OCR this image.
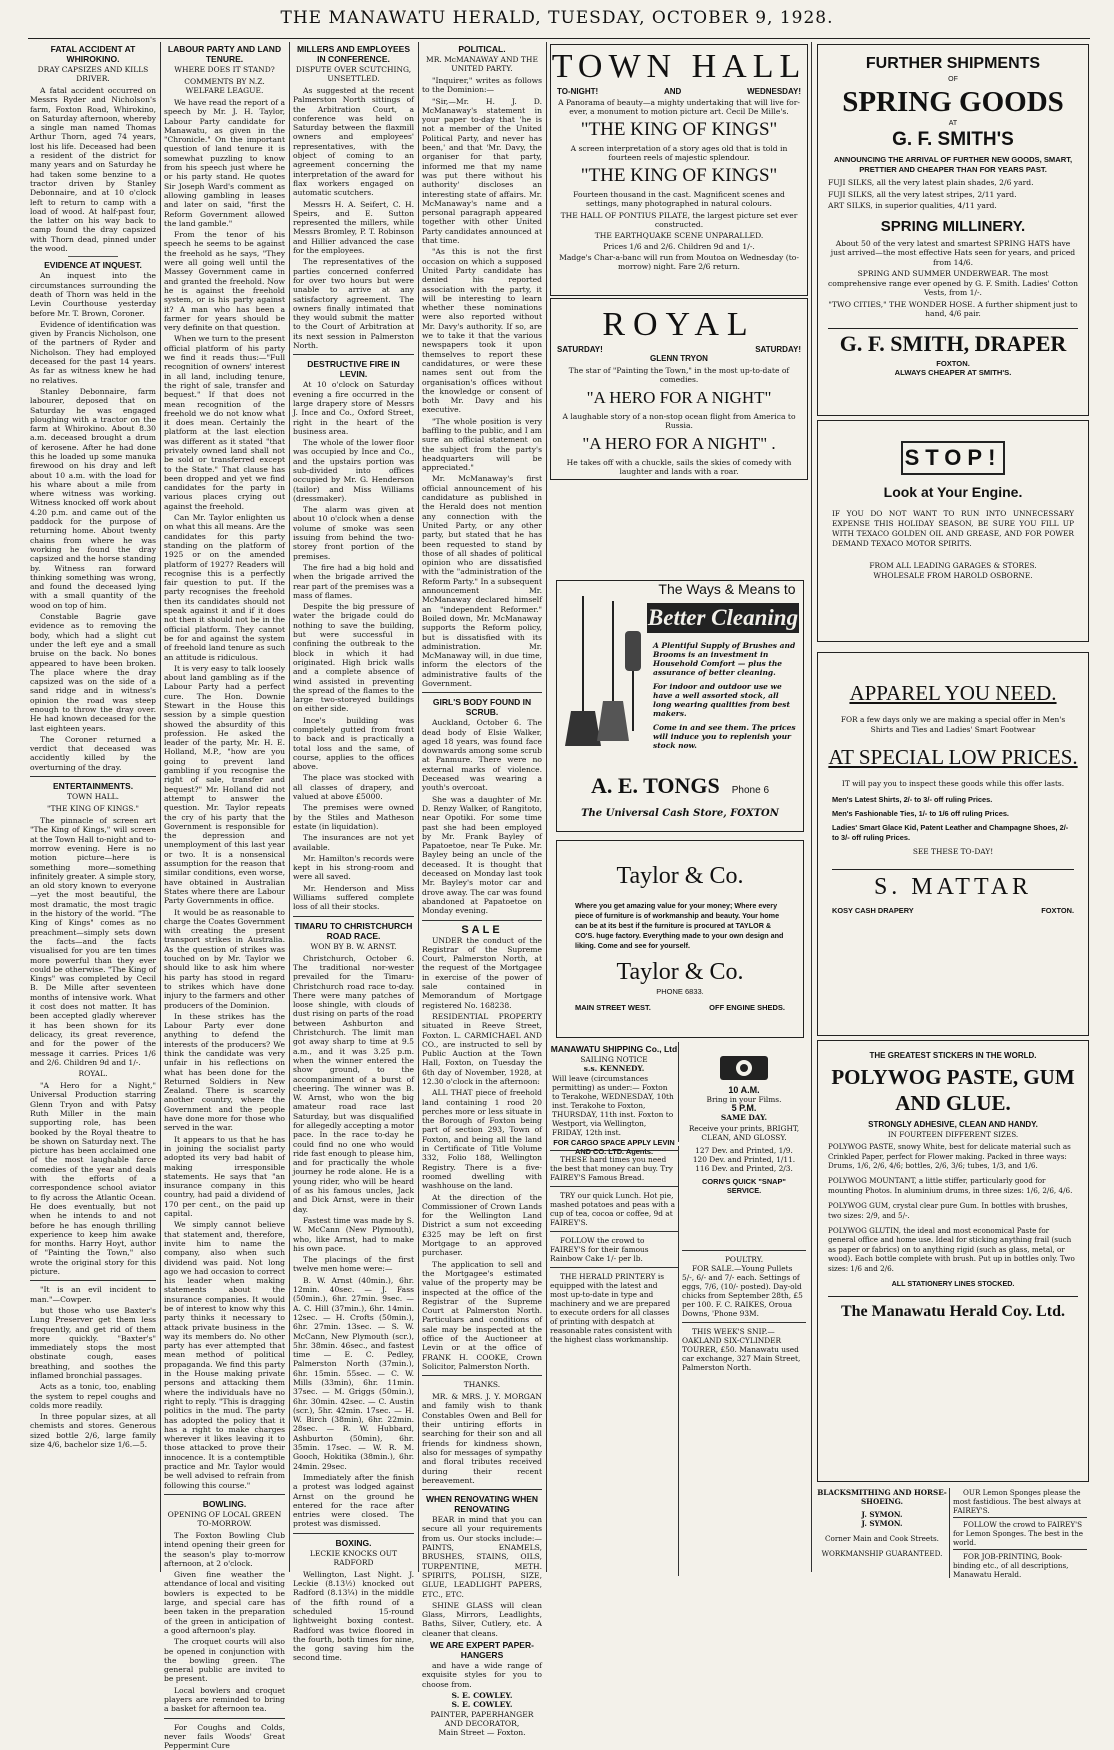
THE MANAWATU HERALD, TUESDAY, OCTOBER 9, 1928.
FATAL ACCIDENT AT WHIROKINO.
DRAY CAPSIZES AND KILLS DRIVER.

A fatal accident occurred on Messrs Ryder and Nicholson's farm, Foxton Road, Whirokino, on Saturday afternoon, whereby a single man named Thomas Arthur Thorn, aged 74 years, lost his life. Deceased had been a resident of the district for many years and on Saturday he had taken some benzine to a tractor driven by Stanley Debonnaire, and at 10 o'clock left to return to camp with a load of wood. At half-past four, the latter on his way back to camp found the dray capsized with Thorn dead, pinned under the wood.

EVIDENCE AT INQUEST.

An inquest into the circumstances surrounding the death of Thorn was held in the Levin Courthouse yesterday before Mr. T. Brown, Coroner.

Evidence of identification was given by Francis Nicholson, one of the partners of Ryder and Nicholson. They had employed deceased for the past 14 years. As far as witness knew he had no relatives.

Stanley Debonnaire, farm labourer, deposed that on Saturday he was engaged ploughing with a tractor on the farm at Whirokino. About 8.30 a.m. deceased brought a drum of kerosene. After he had done this he loaded up some manuka firewood on his dray and left about 10 a.m. with the load for his whare about a mile from where witness was working. Witness knocked off work about 4.20 p.m. and came out of the paddock for the purpose of returning home. About twenty chains from where he was working he found the dray capsized and the horse standing by. Witness ran forward thinking something was wrong, and found the deceased lying with a small quantity of the wood on top of him.

Constable Bagrie gave evidence as to removing the body, which had a slight cut under the left eye and a small bruise on the back. No bones appeared to have been broken. The place where the dray capsized was on the side of a sand ridge and in witness's opinion the road was steep enough to throw the dray over. He had known deceased for the last eighteen years.

The Coroner returned a verdict that deceased was accidently killed by the overturning of the dray.

ENTERTAINMENTS.
TOWN HALL.
"THE KING OF KINGS."

The pinnacle of screen art "The King of Kings," will screen at the Town Hall to-night and to-morrow evening. Here is no motion picture—here is something more—something infinitely greater. A simple story, an old story known to everyone—yet the most beautiful, the most dramatic, the most tragic in the history of the world. "The King of Kings" comes as no preachment—simply sets down the facts—and the facts visualised for you are ten times more powerful than they ever could be otherwise. "The King of Kings" was completed by Cecil B. De Mille after seventeen months of intensive work. What it cost does not matter. It has been accepted gladly wherever it has been shown for its delicacy, its great reverence, and for the power of the message it carries. Prices 1/6 and 2/6. Children 9d and 1/-.

ROYAL.

"A Hero for a Night," Universal Production starring Glenn Tryon and with Patsy Ruth Miller in the main supporting role, has been booked by the Royal theatre to be shown on Saturday next. The picture has been acclaimed one of the most laughable farce comedies of the year and deals with the efforts of a correspondence school aviator to fly across the Atlantic Ocean. He does eventually, but not when he intends to and not before he has enough thrilling experience to keep him awake for months. Harry Hoyt, author of "Painting the Town," also wrote the original story for this picture.

"It is an evil incident to man."—Cowper.

but those who use Baxter's Lung Preserver get them less frequently, and get rid of them more quickly. "Baxter's" immediately stops the most obstinate cough, eases breathing, and soothes the inflamed bronchial passages.

Acts as a tonic, too, enabling the system to repel coughs and colds more readily.

In three popular sizes, at all chemists and stores. Generous sized bottle 2/6, large family size 4/6, bachelor size 1/6.—5.

LABOUR PARTY AND LAND TENURE.
WHERE DOES IT STAND?
COMMENTS BY N.Z. WELFARE LEAGUE.

We have read the report of a speech by Mr. J. H. Taylor, Labour Party candidate for Manawatu, as given in the "Chronicle." On the important question of land tenure it is somewhat puzzling to know from his speech just where he or his party stand. He quotes Sir Joseph Ward's comment as allowing gambling in leases and later on said, "first the Reform Government allowed the land gamble."

From the tenor of his speech he seems to be against the freehold as he says, "They were all going well until the Massey Government came in and granted the freehold. Now he is against the freehold system, or is his party against it? A man who has been a farmer for years should be very definite on that question.

When we turn to the present official platform of his party we find it reads thus:—"Full recognition of owners' interest in all land, including tenure, the right of sale, transfer and bequest." If that does not mean recognition of the freehold we do not know what it does mean. Certainly the platform at the last election was different as it stated "that privately owned land shall not be sold or transferred except to the State." That clause has been dropped and yet we find candidates for the party in various places crying out against the freehold.

Can Mr. Taylor enlighten us on what this all means. Are the candidates for this party standing on the platform of 1925 or on the amended platform of 1927? Readers will recognise this is a perfectly fair question to put. If the party recognises the freehold then its candidates should not speak against it and if it does not then it should not be in the official platform. They cannot be for and against the system of freehold land tenure as such an attitude is ridiculous.

It is very easy to talk loosely about land gambling as if the Labour Party had a perfect cure. The Hon. Downie Stewart in the House this session by a simple question showed the absurdity of this profession. He asked the leader of the party, Mr. H. E. Holland, M.P., "how are you going to prevent land gambling if you recognise the right of sale, transfer and bequest?" Mr. Holland did not attempt to answer the question. Mr. Taylor repeats the cry of his party that the Government is responsible for the depression and unemployment of this last year or two. It is a nonsensical assumption for the reason that similar conditions, even worse, have obtained in Australian States where there are Labour Party Governments in office.

It would be as reasonable to charge the Coates Government with creating the present transport strikes in Australia. As the question of strikes was touched on by Mr. Taylor we should like to ask him where his party has stood in regard to strikes which have done injury to the farmers and other producers of the Dominion.

In these strikes has the Labour Party ever done anything to defend the interests of the producers? We think the candidate was very unfair in his reflections on what has been done for the Returned Soldiers in New Zealand. There is scarcely another country, where the Government and the people have done more for those who served in the war.

It appears to us that he has in joining the socialist party adopted its very bad habit of making irresponsible statements. He says that "an insurance company in this country, had paid a dividend of 170 per cent., on the paid up capital.

We simply cannot believe that statement and, therefore, invite him to name the company, also when such dividend was paid. Not long ago we had occasion to correct his leader when making statements about the insurance companies. It would be of interest to know why this party thinks it necessary to attack private business in the way its members do. No other party has ever attempted that mean method of political propaganda. We find this party in the House making private persons and attacking them where the individuals have no right to reply. "This is dragging politics in the mud. The party has adopted the policy that it has a right to make charges wherever it likes leaving it to those attacked to prove their innocence. It is a contemptible practice and Mr. Taylor would be well advised to refrain from following this course."

BOWLING.
OPENING OF LOCAL GREEN TO-MORROW.

The Foxton Bowling Club intend opening their green for the season's play to-morrow afternoon, at 2 o'clock.

Given fine weather the attendance of local and visiting bowlers is expected to be large, and special care has been taken in the preparation of the green in anticipation of a good afternoon's play.

The croquet courts will also be opened in conjunction with the bowling green. The general public are invited to be present.

Local bowlers and croquet players are reminded to bring a basket for afternoon tea.

For Coughs and Colds, never fails Woods' Great Peppermint Cure

MILLERS AND EMPLOYEES IN CONFERENCE.
DISPUTE OVER SCUTCHING, UNSETTLED.

As suggested at the recent Palmerston North sittings of the Arbitration Court, a conference was held on Saturday between the flaxmill owners and employees' representatives, with the object of coming to an agreement concerning the interpretation of the award for flax workers engaged on automatic scutchers.

Messrs H. A. Seifert, C. H. Speirs, and E. Sutton represented the millers, while Messrs Bromley, P. T. Robinson and Hillier advanced the case for the employees.

The representatives of the parties concerned conferred for over two hours but were unable to arrive at any satisfactory agreement. The owners finally intimated that they would submit the matter to the Court of Arbitration at its next session in Palmerston North.

DESTRUCTIVE FIRE IN LEVIN.

At 10 o'clock on Saturday evening a fire occurred in the large drapery store of Messrs J. Ince and Co., Oxford Street, right in the heart of the business area.

The whole of the lower floor was occupied by Ince and Co., and the upstairs portion was sub-divided into offices occupied by Mr. G. Henderson (tailor) and Miss Williams (dressmaker).

The alarm was given at about 10 o'clock when a dense volume of smoke was seen issuing from behind the two-storey front portion of the premises.

The fire had a big hold and when the brigade arrived the rear part of the premises was a mass of flames.

Despite the big pressure of water the brigade could do nothing to save the building, but were successful in confining the outbreak to the block in which it had originated. High brick walls and a complete absence of wind assisted in preventing the spread of the flames to the large two-storeyed buildings on either side.

Ince's building was completely gutted from front to back and is practically a total loss and the same, of course, applies to the offices above.

The place was stocked with all classes of drapery, and valued at above £5000.

The premises were owned by the Stiles and Matheson estate (in liquidation).

The insurances are not yet available.

Mr. Hamilton's records were kept in his strong-room and were all saved.

Mr. Henderson and Miss Williams suffered complete loss of all their stocks.

TIMARU TO CHRISTCHURCH ROAD RACE.
WON BY B. W. ARNST.

Christchurch, October 6. The traditional nor-wester prevailed for the Timaru-Christchurch road race to-day. There were many patches of loose shingle, with clouds of dust rising on parts of the road between Ashburton and Christchurch. The limit man got away sharp to time at 9.5 a.m., and it was 3.25 p.m. when the winner entered the show ground, to the accompaniment of a burst of cheering. The winner was B. W. Arnst, who won the big amateur road race last Saturday, but was disqualified for allegedly accepting a motor pace. In the race to-day he could find no one who would ride fast enough to please him, and for practically the whole journey he rode alone. He is a young rider, who will be heard of as his famous uncles, Jack and Dick Arnst, were in their day.

Fastest time was made by S. W. McCann (New Plymouth), who, like Arnst, had to make his own pace.

The placings of the first twelve men home were:—

B. W. Arnst (40min.), 6hr. 12min. 40sec. — J. Fass (50min.), 6hr. 27min. 9sec. — A. C. Hill (37min.), 6hr. 14min. 12sec. — H. Crofts (50min.), 6hr. 27min. 13sec. — S. W. McCann, New Plymouth (scr.), 5hr. 38min. 46sec., and fastest time — E. C. Pedley, Palmerston North (37min.), 6hr. 15min. 55sec. — C. W. Mills (33min), 6hr. 11min. 37sec. — M. Griggs (50min.), 6hr. 30min. 42sec. — C. Austin (scr.), 5hr. 42min. 17sec. — H. W. Birch (38min), 6hr. 22min. 28sec. — R. W. Hubbard, Ashburton (50min), 6hr. 35min. 17sec. — W. R. M. Gooch, Hokitika (38min.), 6hr. 24min. 29sec.

Immediately after the finish a protest was lodged against Arnst on the ground he entered for the race after entries were closed. The protest was dismissed.

BOXING.
LECKIE KNOCKS OUT RADFORD

Wellington, Last Night. J. Leckie (8.13½) knocked out Radford (8.13¼) in the middle of the fifth round of a scheduled 15-round lightweight boxing contest. Radford was twice floored in the fourth, both times for nine, the gong saving him the second time.

POLITICAL.
MR. McMANAWAY AND THE UNITED PARTY.

"Inquirer," writes as follows to the Dominion:—

"Sir,—Mr. H. J. D. McManaway's statement in your paper to-day that 'he is not a member of the United Political Party, and never has been,' and that 'Mr. Davy, the organiser for that party, informed me that my name was put there without his authority' discloses an interesting state of affairs. Mr. McManaway's name and a personal paragraph appeared together with other United Party candidates announced at that time.

"As this is not the first occasion on which a supposed United Party candidate has denied his reported association with the party, it will be interesting to learn whether these nominations were also reported without Mr. Davy's authority. If so, are we to take it that the various newspapers took it upon themselves to report these candidatures, or were these names sent out from the organisation's offices without the knowledge or consent of both Mr. Davy and his executive.

"The whole position is very baffling to the public, and I am sure an official statement on the subject from the party's headquarters will be appreciated."

Mr. McManaway's first official announcement of his candidature as published in the Herald does not mention any connection with the United Party, or any other party, but stated that he has been requested to stand by those of all shades of political opinion who are dissatisfied with the "administration of the Reform Party." In a subsequent announcement Mr. McManaway declared himself an "independent Reformer." Boiled down, Mr. McManaway supports the Reform policy, but is dissatisfied with its administration. Mr. McManaway will, in due time, inform the electors of the administrative faults of the Government.

GIRL'S BODY FOUND IN SCRUB.

Auckland, October 6. The dead body of Elsie Walker, aged 18 years, was found face downwards among some scrub at Panmure. There were no external marks of violence. Deceased was wearing a youth's overcoat.

She was a daughter of Mr. D. Renzy Walker, of Rangitoto, near Opotiki. For some time past she had been employed by Mr. Frank Bayley of Papatoetoe, near Te Puke. Mr. Bayley being an uncle of the deceased. It is thought that deceased on Monday last took Mr. Bayley's motor car and drove away. The car was found abandoned at Papatoetoe on Monday evening.

SALE

UNDER the conduct of the Registrar of the Supreme Court, Palmerston North, at the request of the Mortgagee in exercise of the power of sale contained in Memorandum of Mortgage registered No. 168238.

RESIDENTIAL PROPERTY situated in Reeve Street, Foxton. L. CARMICHAEL AND CO., are instructed to sell by Public Auction at the Town Hall, Foxton, on Tuesday the 6th day of November, 1928, at 12.30 o'clock in the afternoon:

ALL THAT piece of freehold land containing 1 rood 20 perches more or less situate in the Borough of Foxton being part of section 293, Town of Foxton, and being all the land in Certificate of Title Volume 332, Folio 188, Wellington Registry. There is a five-roomed dwelling with washhouse on the land.

At the direction of the Commissioner of Crown Lands for the Wellington Land District a sum not exceeding £325 may be left on first Mortgage to an approved purchaser.

The application to sell and the Mortgagee's estimated value of the property may be inspected at the office of the Registrar of the Supreme Court at Palmerston North. Particulars and conditions of sale may be inspected at the office of the Auctioneer at Levin or at the office of FRANK H. COOKE, Crown Solicitor, Palmerston North.

THANKS.

MR. & MRS. J. Y. MORGAN and family wish to thank Constables Owen and Bell for their untiring efforts in searching for their son and all friends for kindness shown, also for messages of sympathy and floral tributes received during their recent bereavement.

WHEN RENOVATING WHEN RENOVATING

BEAR in mind that you can secure all your requirements from us. Our stocks include:— PAINTS, ENAMELS, BRUSHES, STAINS, OILS, TURPENTINE, METH. SPIRITS, POLISH, SIZE, GLUE, LEADLIGHT PAPERS, ETC., ETC.

SHINE GLASS will clean Glass, Mirrors, Leadlights, Baths, Silver, Cutlery, etc. A cleaner that cleans.

WE ARE EXPERT PAPER-HANGERS

and have a wide range of exquisite styles for you to choose from.

S. E. COWLEY.
S. E. COWLEY.
PAINTER, PAPERHANGER AND DECORATOR,
Main Street — Foxton.
TOWN HALL
TO-NIGHT!	AND	WEDNESDAY!
A Panorama of beauty—a mighty undertaking that will live for-ever, a monument to motion picture art. Cecil De Mille's.
"THE KING OF KINGS"
A screen interpretation of a story ages old that is told in fourteen reels of majestic splendour.
"THE KING OF KINGS"
Fourteen thousand in the cast. Magnificent scenes and settings, many photographed in natural colours.
THE HALL OF PONTIUS PILATE, the largest picture set ever constructed.
THE EARTHQUAKE SCENE UNPARALLED.
Prices 1/6 and 2/6. Children 9d and 1/-.
Madge's Char-a-banc will run from Moutoa on Wednesday (to-morrow) night. Fare 2/6 return.
ROYAL
SATURDAY!	SATURDAY!
GLENN TRYON
The star of "Painting the Town," in the most up-to-date of comedies.
"A HERO FOR A NIGHT"
A laughable story of a non-stop ocean flight from America to Russia.
"A HERO FOR A NIGHT" .
He takes off with a chuckle, sails the skies of comedy with laughter and lands with a roar.
The Ways & Means to
Better Cleaning
A Plentiful Supply of Brushes and Brooms is an investment in Household Comfort — plus the assurance of better cleaning.
For indoor and outdoor use we have a well assorted stock, all long wearing qualities from best makers.
Come in and see them. The prices will induce you to replenish your stock now.
A. E. TONGS Phone 6
The Universal Cash Store, FOXTON
Taylor & Co.
Where you get amazing value for your money; Where every piece of furniture is of workmanship and beauty. Your home can be at its best if the furniture is procured at TAYLOR & CO'S. huge factory. Everything made to your own design and liking. Come and see for yourself.
Taylor & Co.
PHONE 6833.
MAIN STREET WEST.	OFF ENGINE SHEDS.
MANAWATU SHIPPING Co., Ltd
SAILING NOTICE
s.s. KENNEDY.
Will leave (circumstances permitting) as under:— Foxton to Terakohe, WEDNESDAY, 10th inst. Terakohe to Foxton, THURSDAY, 11th inst. Foxton to Westport, via Wellington, FRIDAY, 12th inst.
FOR CARGO SPACE APPLY LEVIN AND CO. LTD. Agents.
10 A.M.
Bring in your Films.
5 P.M.
SAME DAY.
Receive your prints, BRIGHT, CLEAN, AND GLOSSY.
127 Dev. and Printed, 1/9. 120 Dev. and Printed, 1/11. 116 Dev. and Printed, 2/3.
CORN'S QUICK "SNAP" SERVICE.

THESE hard times you need the best that money can buy. Try FAIREY'S Famous Bread.

TRY our quick Lunch. Hot pie, mashed potatoes and peas with a cup of tea, cocoa or coffee, 9d at FAIREY'S.

FOLLOW the crowd to FAIREY'S for their famous Rainbow Cake 1/- per lb.

THE HERALD PRINTERY is equipped with the latest and most up-to-date in type and machinery and we are prepared to execute orders for all classes of printing with despatch at reasonable rates consistent with the highest class workmanship.

POULTRY.

FOR SALE.—Young Pullets 5/-, 6/- and 7/- each. Settings of eggs, 7/6, (10/- posted). Day-old chicks from September 28th, £5 per 100. F. C. RAIKES, Oroua Downs, 'Phone 93M.

THIS WEEK'S SNIP.—OAKLAND SIX-CYLINDER TOURER, £50. Manawatu used car exchange, 327 Main Street, Palmerston North.

FURTHER SHIPMENTS
OF
SPRING GOODS
AT
G. F. SMITH'S
ANNOUNCING THE ARRIVAL OF FURTHER NEW GOODS, SMART, PRETTIER AND CHEAPER THAN FOR YEARS PAST.
FUJI SILKS, all the very latest plain shades, 2/6 yard.
FUJI SILKS, all the very latest stripes, 2/11 yard.
ART SILKS, in superior qualities, 4/11 yard.
SPRING MILLINERY.
About 50 of the very latest and smartest SPRING HATS have just arrived—the most effective Hats seen for years, and priced from 14/6.
SPRING AND SUMMER UNDERWEAR. The most comprehensive range ever opened by G. F. Smith. Ladies' Cotton Vests, from 1/-.
"TWO CITIES," THE WONDER HOSE. A further shipment just to hand, 4/6 pair.
G. F. SMITH, DRAPER
FOXTON.
ALWAYS CHEAPER AT SMITH'S.
STOP!
Look at Your Engine.
IF YOU DO NOT WANT TO RUN INTO UNNECESSARY EXPENSE THIS HOLIDAY SEASON, BE SURE YOU FILL UP WITH TEXACO GOLDEN OIL AND GREASE, AND FOR POWER DEMAND TEXACO MOTOR SPIRITS.
FROM ALL LEADING GARAGES & STORES.
WHOLESALE FROM HAROLD OSBORNE.
APPAREL YOU NEED.
FOR a few days only we are making a special offer in Men's Shirts and Ties and Ladies' Smart Footwear
AT SPECIAL LOW PRICES.
IT will pay you to inspect these goods while this offer lasts.
Men's Latest Shirts, 2/- to 3/- off ruling Prices.
Men's Fashionable Ties, 1/- to 1/6 off ruling Prices.
Ladies' Smart Glace Kid, Patent Leather and Champagne Shoes, 2/- to 3/- off ruling Prices.
SEE THESE TO-DAY!
S. MATTAR
KOSY CASH DRAPERY	FOXTON.
THE GREATEST STICKERS IN THE WORLD.
POLYWOG PASTE, GUM AND GLUE.
STRONGLY ADHESIVE, CLEAN AND HANDY.
IN FOURTEEN DIFFERENT SIZES.
POLYWOG PASTE, snowy White, best for delicate material such as Crinkled Paper, perfect for Flower making. Packed in three ways: Drums, 1/6, 2/6, 4/6; bottles, 2/6, 3/6; tubes, 1/3, and 1/6.
POLYWOG MOUNTANT, a little stiffer, particularly good for mounting Photos. In aluminium drums, in three sizes: 1/6, 2/6, 4/6.
POLYWOG GUM, crystal clear pure Gum. In bottles with brushes, two sizes: 2/9, and 5/-.
POLYWOG GLUTIN, the ideal and most economical Paste for general office and home use. Ideal for sticking anything frail (such as paper or fabrics) on to anything rigid (such as glass, metal, or wood). Each bottle complete with brush. Put up in bottles only. Two sizes: 1/6 and 2/6.
ALL STATIONERY LINES STOCKED.
The Manawatu Herald Coy. Ltd.
BLACKSMITHING AND HORSE-SHOEING.
J. SYMON.
J. SYMON.
Corner Main and Cook Streets.
WORKMANSHIP GUARANTEED.

OUR Lemon Sponges please the most fastidious. The best always at FAIREY'S.

FOLLOW the crowd to FAIREY'S for Lemon Sponges. The best in the world.

FOR JOB-PRINTING, Book-binding etc., of all descriptions, Manawatu Herald.
